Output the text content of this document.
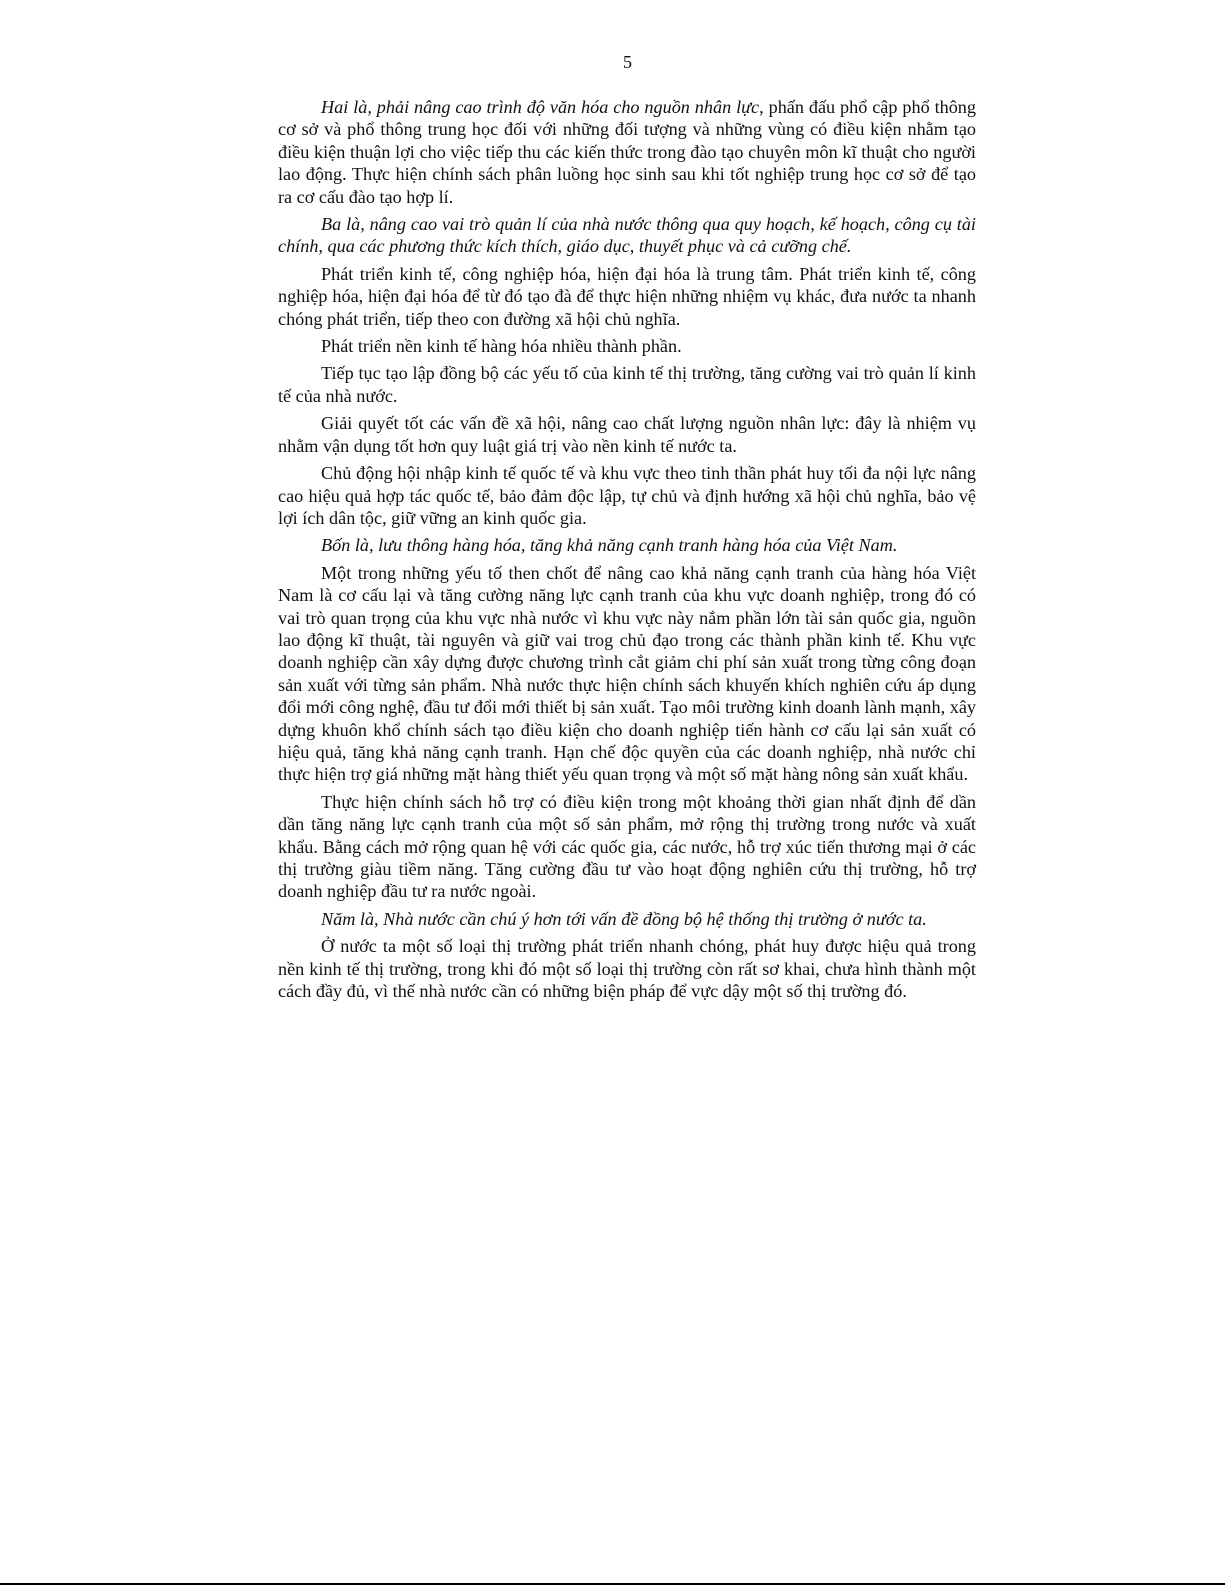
5

Hai là, phải nâng cao trình độ văn hóa cho nguồn nhân lực, phấn đấu phổ cập phổ thông cơ sở và phổ thông trung học đối với những đối tượng và những vùng có điều kiện nhằm tạo điều kiện thuận lợi cho việc tiếp thu các kiến thức trong đào tạo chuyên môn kĩ thuật cho người lao động. Thực hiện chính sách phân luồng học sinh sau khi tốt nghiệp trung học cơ sở để tạo ra cơ cấu đào tạo hợp lí.

Ba là, nâng cao vai trò quản lí của nhà nước thông qua quy hoạch, kế hoạch, công cụ tài chính, qua các phương thức kích thích, giáo dục, thuyết phục và cả cưỡng chế.

Phát triển kinh tế, công nghiệp hóa, hiện đại hóa là trung tâm. Phát triển kinh tế, công nghiệp hóa, hiện đại hóa để từ đó tạo đà để thực hiện những nhiệm vụ khác, đưa nước ta nhanh chóng phát triển, tiếp theo con đường xã hội chủ nghĩa.

Phát triển nền kinh tế hàng hóa nhiều thành phần.

Tiếp tục tạo lập đồng bộ các yếu tố của kinh tế thị trường, tăng cường vai trò quản lí kinh tế của nhà nước.

Giải quyết tốt các vấn đề xã hội, nâng cao chất lượng nguồn nhân lực: đây là nhiệm vụ nhằm vận dụng tốt hơn quy luật giá trị vào nền kinh tế nước ta.

Chủ động hội nhập kinh tế quốc tế và khu vực theo tinh thần phát huy tối đa nội lực nâng cao hiệu quả hợp tác quốc tế, bảo đảm độc lập, tự chủ và định hướng xã hội chủ nghĩa, bảo vệ lợi ích dân tộc, giữ vững an kinh quốc gia.

Bốn là, lưu thông hàng hóa, tăng khả năng cạnh tranh hàng hóa của Việt Nam.

Một trong những yếu tố then chốt để nâng cao khả năng cạnh tranh của hàng hóa Việt Nam là cơ cấu lại và tăng cường năng lực cạnh tranh của khu vực doanh nghiệp, trong đó có vai trò quan trọng của khu vực nhà nước vì khu vực này nắm phần lớn tài sản quốc gia, nguồn lao động kĩ thuật, tài nguyên và giữ vai trog chủ đạo trong các thành phần kinh tế. Khu vực doanh nghiệp cần xây dựng được chương trình cắt giảm chi phí sản xuất trong từng công đoạn sản xuất với từng sản phẩm. Nhà nước thực hiện chính sách khuyến khích nghiên cứu áp dụng đổi mới công nghệ, đầu tư đổi mới thiết bị sản xuất. Tạo môi trường kinh doanh lành mạnh, xây dựng khuôn khổ chính sách tạo điều kiện cho doanh nghiệp tiến hành cơ cấu lại sản xuất có hiệu quả, tăng khả năng cạnh tranh. Hạn chế độc quyền của các doanh nghiệp, nhà nước chỉ thực hiện trợ giá những mặt hàng thiết yếu quan trọng và một số mặt hàng nông sản xuất khẩu.

Thực hiện chính sách hỗ trợ có điều kiện trong một khoảng thời gian nhất định để dần dần tăng năng lực cạnh tranh của một số sản phẩm, mở rộng thị trường trong nước và xuất khẩu. Bằng cách mở rộng quan hệ với các quốc gia, các nước, hỗ trợ xúc tiến thương mại ở các thị trường giàu tiềm năng. Tăng cường đầu tư vào hoạt động nghiên cứu thị trường, hỗ trợ doanh nghiệp đầu tư ra nước ngoài.

Năm là, Nhà nước cần chú ý hơn tới vấn đề đồng bộ hệ thống thị trường ở nước ta.

Ở nước ta một số loại thị trường phát triển nhanh chóng, phát huy được hiệu quả trong nền kinh tế thị trường, trong khi đó một số loại thị trường còn rất sơ khai, chưa hình thành một cách đầy đủ, vì thế nhà nước cần có những biện pháp để vực dậy một số thị trường đó.
